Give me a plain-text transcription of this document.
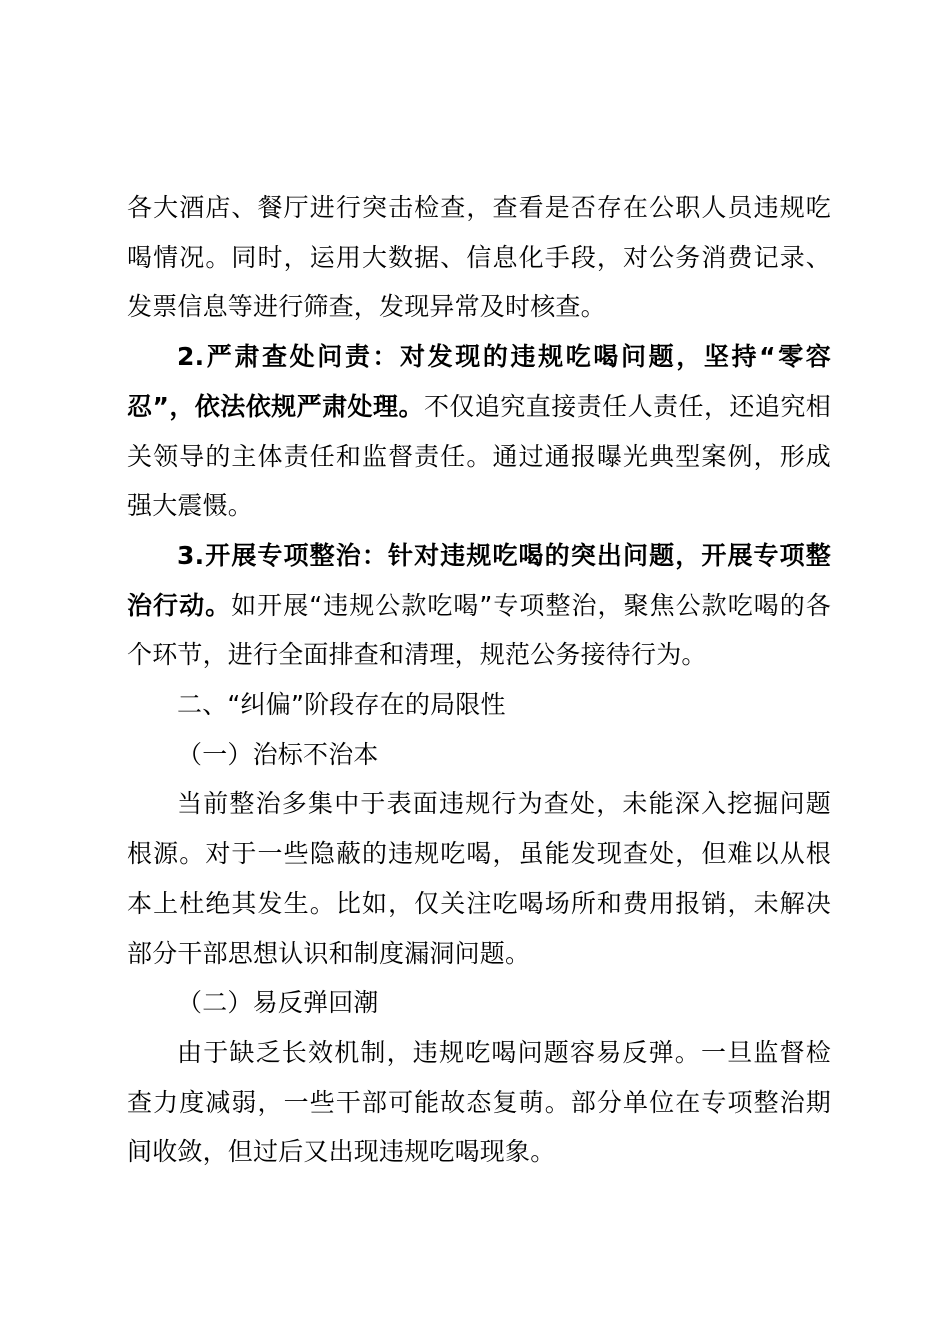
各大酒店、餐厅进行突击检查，查看是否存在公职人员违规吃喝情况。同时，运用大数据、信息化手段，对公务消费记录、发票信息等进行筛查，发现异常及时核查。

2.严肃查处问责：对发现的违规吃喝问题，坚持“零容忍”，依法依规严肃处理。不仅追究直接责任人责任，还追究相关领导的主体责任和监督责任。通过通报曝光典型案例，形成强大震慑。

3.开展专项整治：针对违规吃喝的突出问题，开展专项整治行动。如开展“违规公款吃喝”专项整治，聚焦公款吃喝的各个环节，进行全面排查和清理，规范公务接待行为。

二、“纠偏”阶段存在的局限性

（一）治标不治本

当前整治多集中于表面违规行为查处，未能深入挖掘问题根源。对于一些隐蔽的违规吃喝，虽能发现查处，但难以从根本上杜绝其发生。比如，仅关注吃喝场所和费用报销，未解决部分干部思想认识和制度漏洞问题。

（二）易反弹回潮

由于缺乏长效机制，违规吃喝问题容易反弹。一旦监督检查力度减弱，一些干部可能故态复萌。部分单位在专项整治期间收敛，但过后又出现违规吃喝现象。
